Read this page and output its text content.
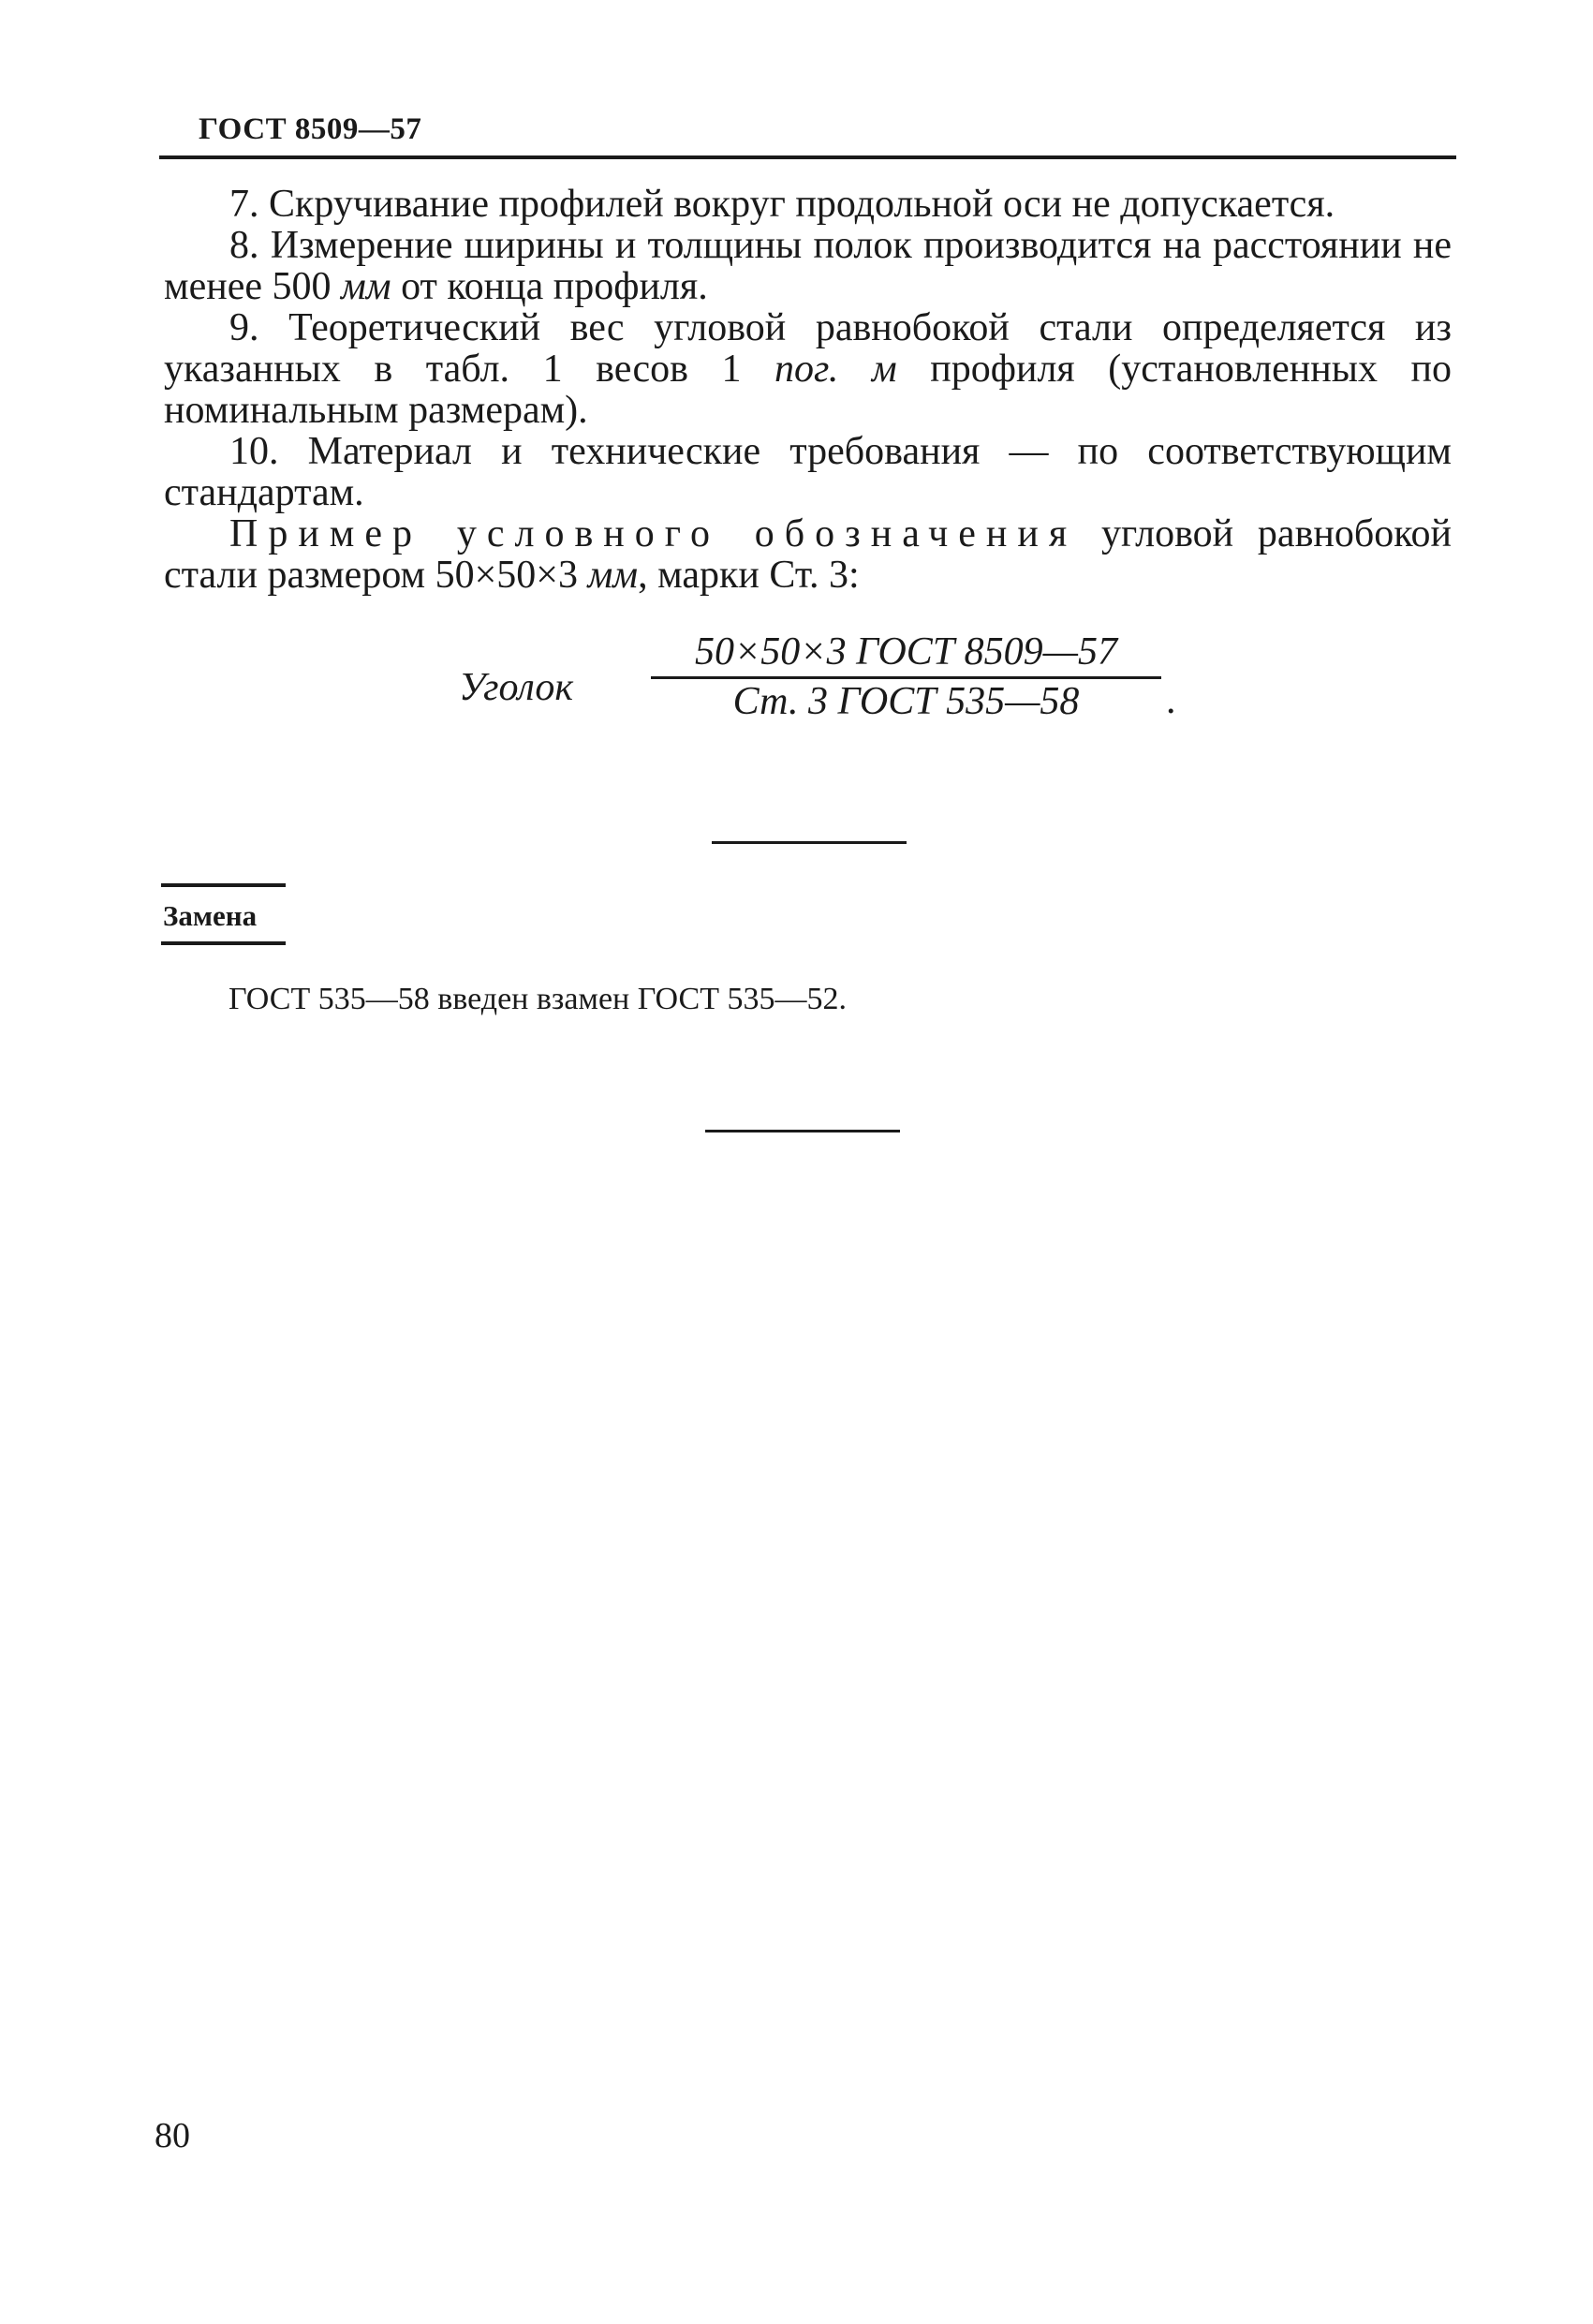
ГОСТ 8509—57

7. Скручивание профилей вокруг продольной оси не допускается.

8. Измерение ширины и толщины полок производится на расстоянии не менее 500 мм от конца профиля.

9. Теоретический вес угловой равнобокой стали определяется из указанных в табл. 1 весов 1 пог. м профиля (установленных по номинальным размерам).

10. Материал и технические требования — по соответствующим стандартам.

Пример условного обозначения угловой равнобокой стали размером 50×50×3 мм, марки Ст. 3:

Уголок
50×50×3 ГОСТ 8509—57
Ст. 3 ГОСТ 535—58	.
Замена
ГОСТ 535—58 введен взамен ГОСТ 535—52.
80
